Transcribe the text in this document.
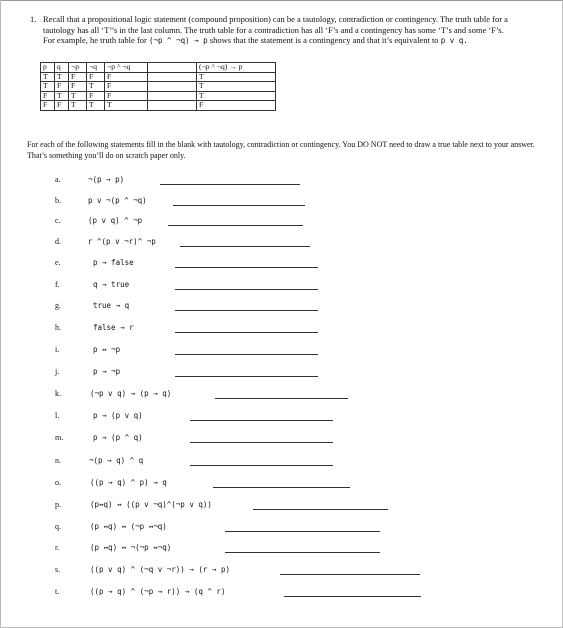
1. Recall that a propositional logic statement (compound proposition) can be a tautology, contradiction or contingency. The truth table for a tautology has all ‘T’’s in the last column. The truth table for a contradiction has all ‘F’s and a contingency has some ‘T’s and some ‘F’s.

For example, he truth table for (¬p ^ ¬q) → p shows that the statement is a contingency and that it’s equivalent to p v q.

p	q	¬p	¬q	¬p ^ ¬q		(¬p ^ ¬q) → p
T	T	F	F	F		T
T	F	F	T	F		T
F	T	T	F	F		T
F	F	T	T	T		F
For each of the following statements fill in the blank with tautology, contradiction or contingency. You DO NOT need to draw a true table next to your answer. That’s something you’ll do on scratch paper only.
a.	¬(p → p)
b.	p v ¬(p ^ ¬q)
c.	(p v q) ^ ¬p
d.	r ^(p v ¬r)^ ¬p
e.	p → false
f.	q → true
g.	true → q
h.	false → r
i.	p ↔ ¬p
j.	p → ¬p
k.	(¬p v q) → (p → q)
l.	p → (p v q)
m.	p → (p ^ q)
n.	¬(p → q) ^ q
o.	((p → q) ^ p) → q
p.	(p↔q) ↔ ((p v ¬q)^(¬p v q))
q.	(p ↔q) ↔ (¬p ↔¬q)
r.	(p ↔q) ↔ ¬(¬p ↔¬q)
s.	((p v q) ^ (¬q v ¬r)) → (r → p)
t.	((p → q) ^ (¬p → r)) → (q ^ r)
